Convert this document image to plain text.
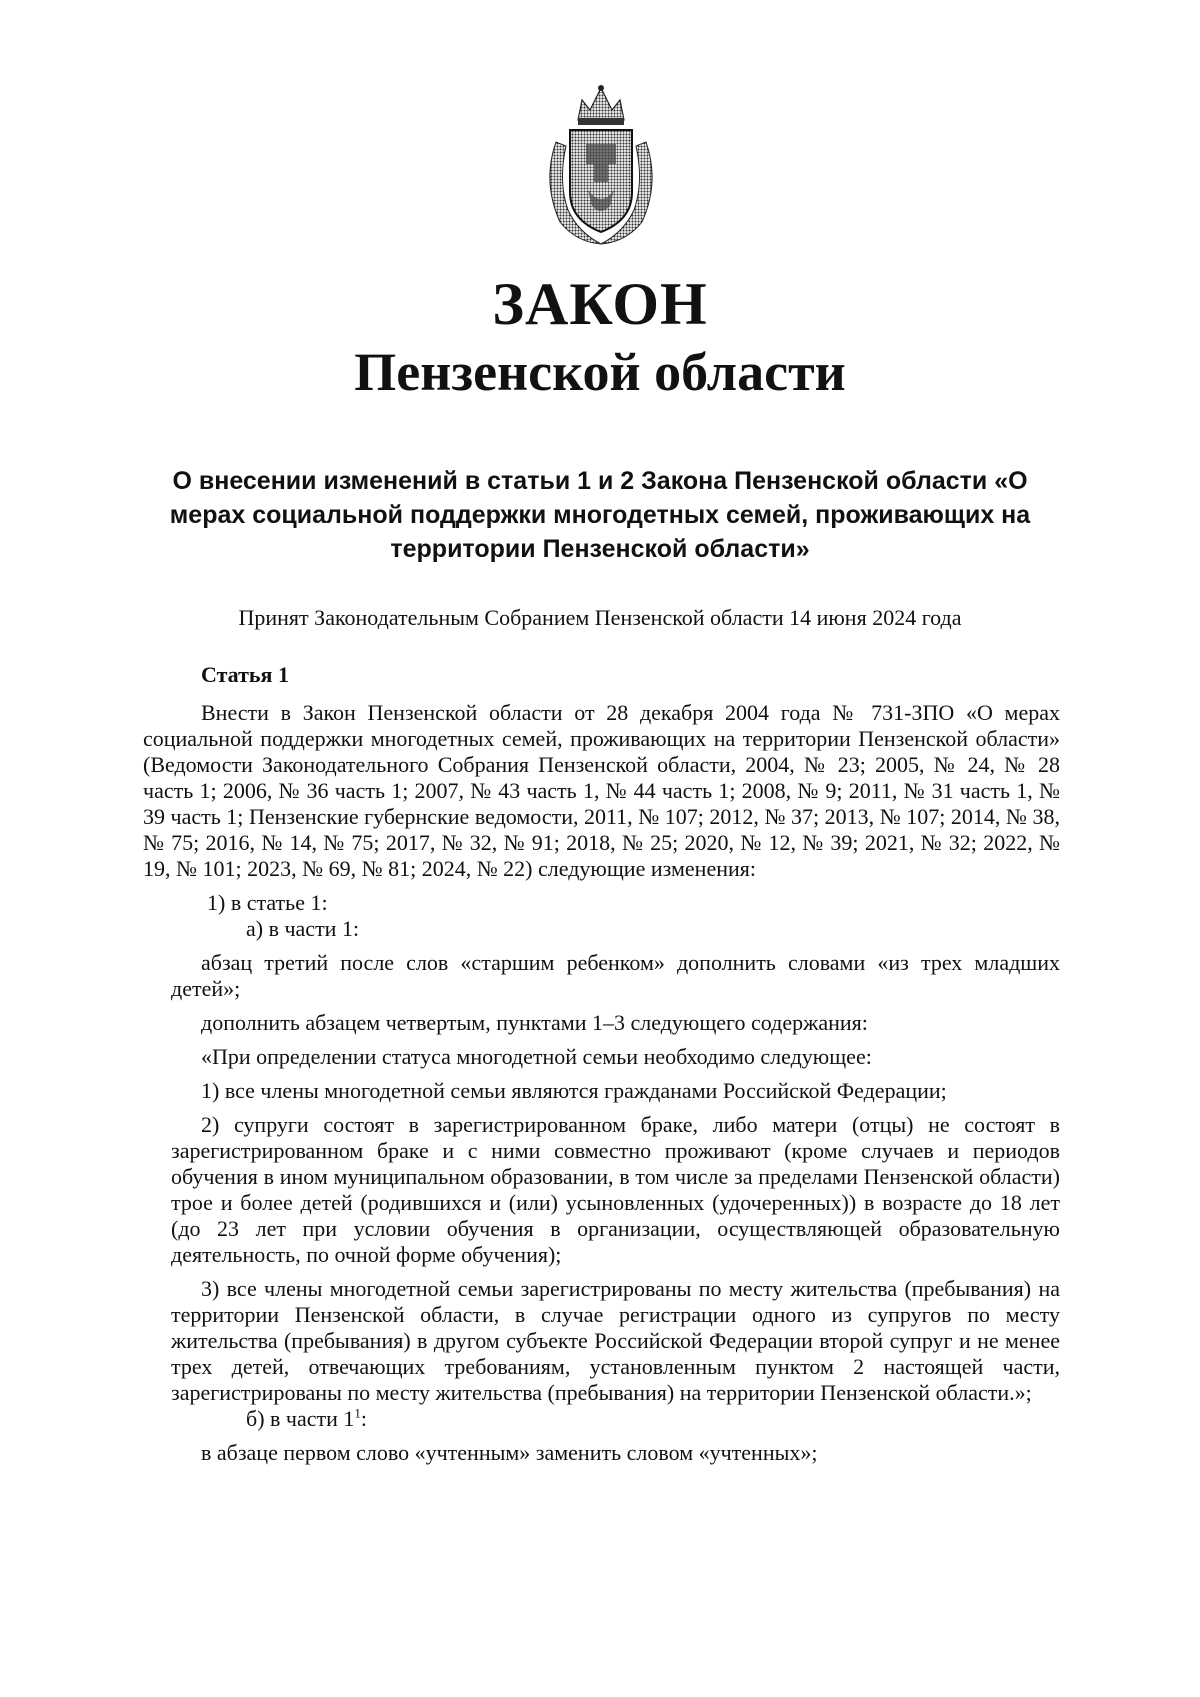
ЗАКОН
Пензенской области
О внесении изменений в статьи 1 и 2 Закона Пензенской области «О мерах социальной поддержки многодетных семей, проживающих на территории Пензенской области»
Принят Законодательным Собранием Пензенской области 14 июня 2024 года

Статья 1

Внести в Закон Пензенской области от 28 декабря 2004 года № 731-ЗПО «О мерах социальной поддержки многодетных семей, проживающих на территории Пензенской области» (Ведомости Законодательного Собрания Пензенской области, 2004, № 23; 2005, № 24, № 28 часть 1; 2006, № 36 часть 1; 2007, № 43 часть 1, № 44 часть 1; 2008, № 9; 2011, № 31 часть 1, № 39 часть 1; Пензенские губернские ведомости, 2011, № 107; 2012, № 37; 2013, № 107; 2014, № 38, № 75; 2016, № 14, № 75; 2017, № 32, № 91; 2018, № 25; 2020, № 12, № 39; 2021, № 32; 2022, № 19, № 101; 2023, № 69, № 81; 2024, № 22) следующие изменения:

1) в статье 1:

а) в части 1:

абзац третий после слов «старшим ребенком» дополнить словами «из трех младших детей»;

дополнить абзацем четвертым, пунктами 1–3 следующего содержания:

«При определении статуса многодетной семьи необходимо следующее:

1) все члены многодетной семьи являются гражданами Российской Федерации;

2) супруги состоят в зарегистрированном браке, либо матери (отцы) не состоят в зарегистрированном браке и с ними совместно проживают (кроме случаев и периодов обучения в ином муниципальном образовании, в том числе за пределами Пензенской области) трое и более детей (родившихся и (или) усыновленных (удочеренных)) в возрасте до 18 лет (до 23 лет при условии обучения в организации, осуществляющей образовательную деятельность, по очной форме обучения);

3) все члены многодетной семьи зарегистрированы по месту жительства (пребывания) на территории Пензенской области, в случае регистрации одного из супругов по месту жительства (пребывания) в другом субъекте Российской Федерации второй супруг и не менее трех детей, отвечающих требованиям, установленным пунктом 2 настоящей части, зарегистрированы по месту жительства (пребывания) на территории Пензенской области.»;

б) в части $1^1$:

в абзаце первом слово «учтенным» заменить словом «учтенных»;
